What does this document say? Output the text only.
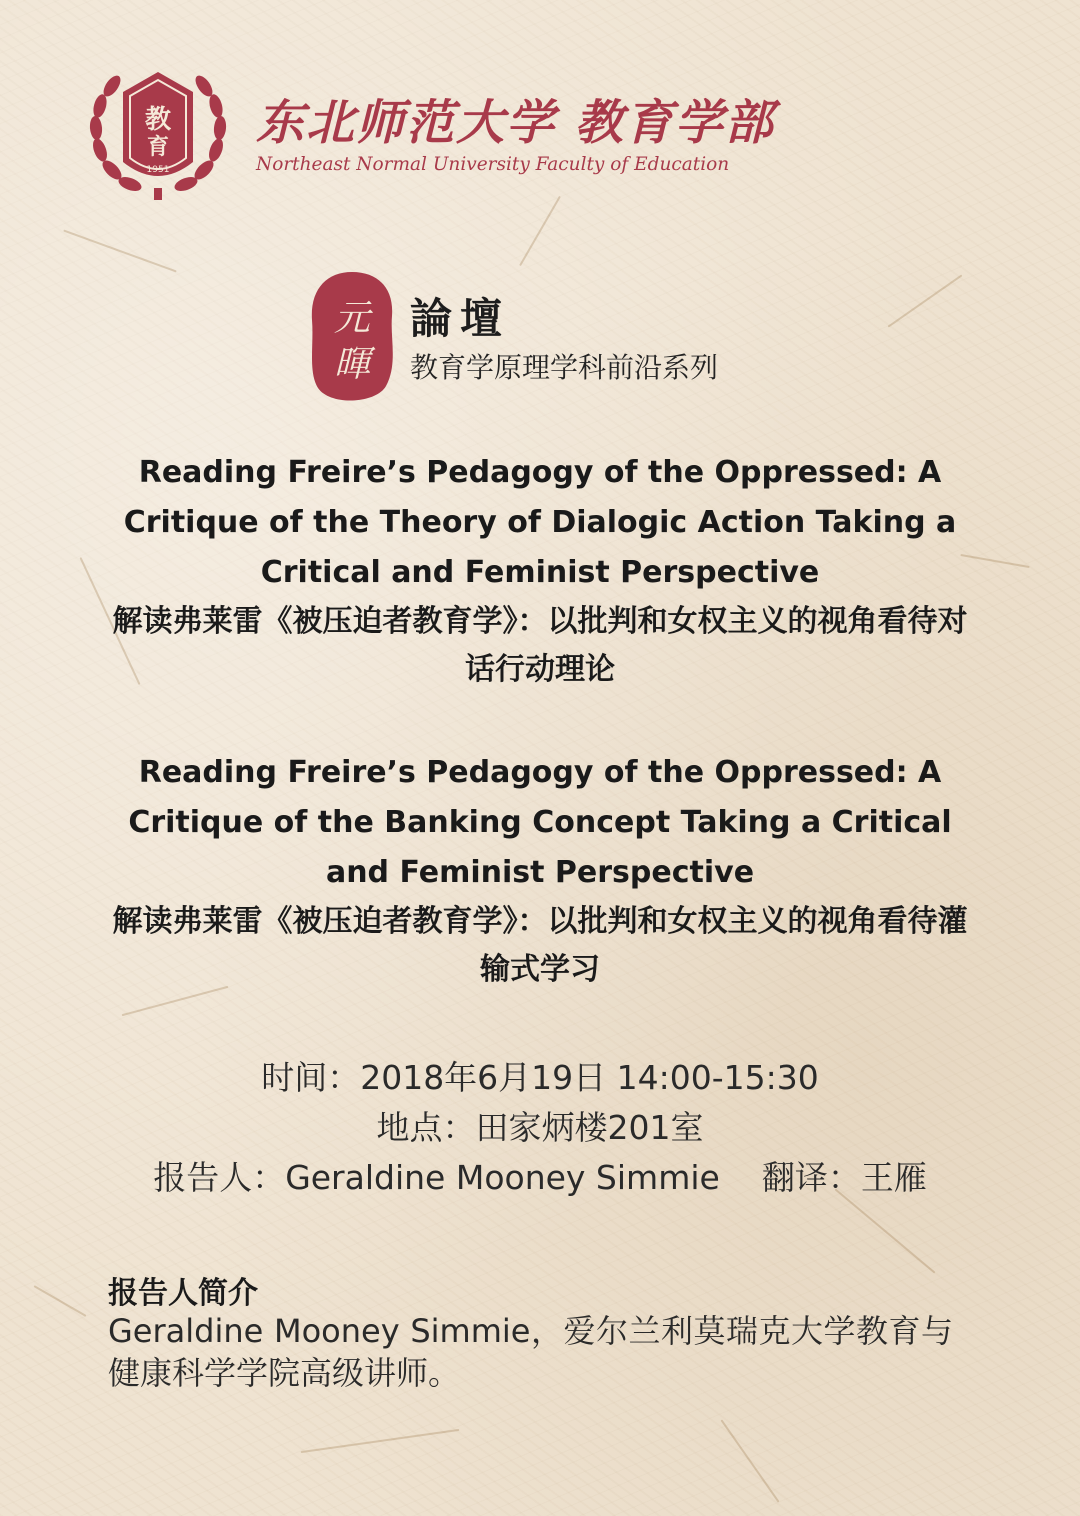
教
育
1951
东北师范大学 教育学部
Northeast Normal University Faculty of Education
元
暉
論壇
教育学原理学科前沿系列
Reading Freire’s Pedagogy of the Oppressed: A Critique of the Theory of Dialogic Action Taking a Critical and Feminist Perspective
解读弗莱雷《被压迫者教育学》：以批判和女权主义的视角看待对话行动理论
Reading Freire’s Pedagogy of the Oppressed: A Critique of the Banking Concept Taking a Critical and Feminist Perspective
解读弗莱雷《被压迫者教育学》：以批判和女权主义的视角看待灌输式学习
时间：2018年6月19日 14:00-15:30
地点：田家炳楼201室
报告人：Geraldine Mooney Simmie 翻译：王雁
报告人简介
Geraldine Mooney Simmie，爱尔兰利莫瑞克大学教育与健康科学学院高级讲师。
